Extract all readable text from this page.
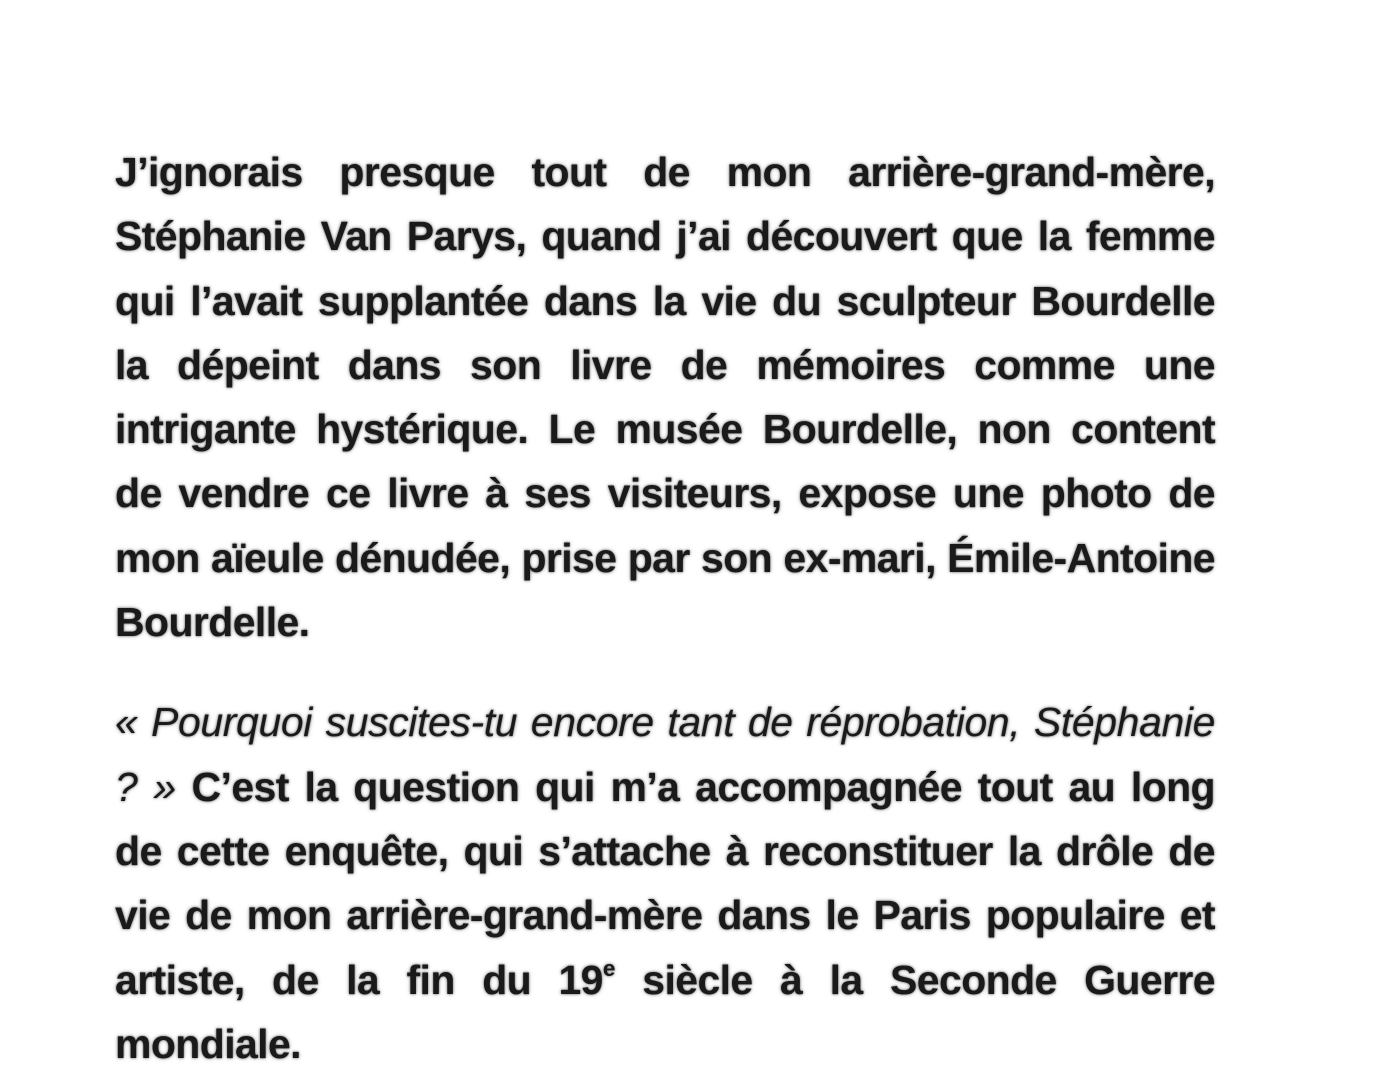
J’ignorais presque tout de mon arrière-grand-mère, Stéphanie Van Parys, quand j’ai découvert que la femme qui l’avait supplantée dans la vie du sculpteur Bourdelle la dépeint dans son livre de mémoires comme une intrigante hystérique. Le musée Bourdelle, non content de vendre ce livre à ses visiteurs, expose une photo de mon aïeule dénudée, prise par son ex-mari, Émile-Antoine Bourdelle.

« Pourquoi suscites-tu encore tant de réprobation, Stéphanie ? » C’est la question qui m’a accompagnée tout au long de cette enquête, qui s’attache à reconstituer la drôle de vie de mon arrière-grand-mère dans le Paris populaire et artiste, de la fin du 19e siècle à la Seconde Guerre mondiale.
